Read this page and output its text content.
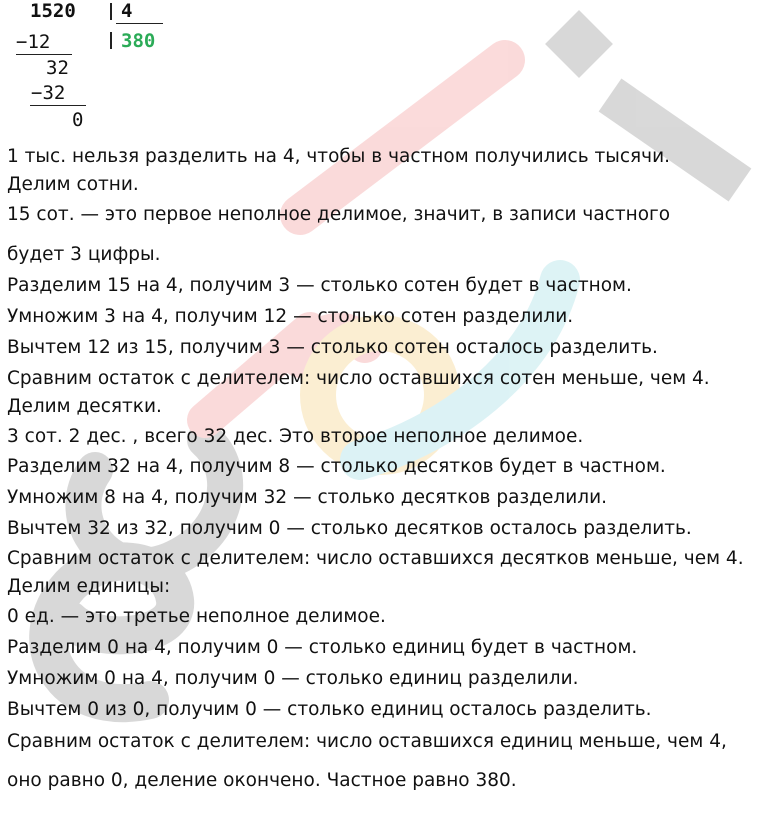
1520 4
380
−12
32
−32
0
1 тыс. нельзя разделить на 4, чтобы в частном получились тысячи.
Делим сотни.
15 сот. — это первое неполное делимое, значит, в записи частного
будет 3 цифры.
Разделим 15 на 4, получим 3 — столько сотен будет в частном.
Умножим 3 на 4, получим 12 — столько сотен разделили.
Вычтем 12 из 15, получим 3 — столько сотен осталось разделить.
Сравним остаток с делителем: число оставшихся сотен меньше, чем 4.
Делим десятки.
3 сот. 2 дес. , всего 32 дес. Это второе неполное делимое.
Разделим 32 на 4, получим 8 — столько десятков будет в частном.
Умножим 8 на 4, получим 32 — столько десятков разделили.
Вычтем 32 из 32, получим 0 — столько десятков осталось разделить.
Сравним остаток с делителем: число оставшихся десятков меньше, чем 4.
Делим единицы:
0 ед. — это третье неполное делимое.
Разделим 0 на 4, получим 0 — столько единиц будет в частном.
Умножим 0 на 4, получим 0 — столько единиц разделили.
Вычтем 0 из 0, получим 0 — столько единиц осталось разделить.
Сравним остаток с делителем: число оставшихся единиц меньше, чем 4,
оно равно 0, деление окончено. Частное равно 380.
